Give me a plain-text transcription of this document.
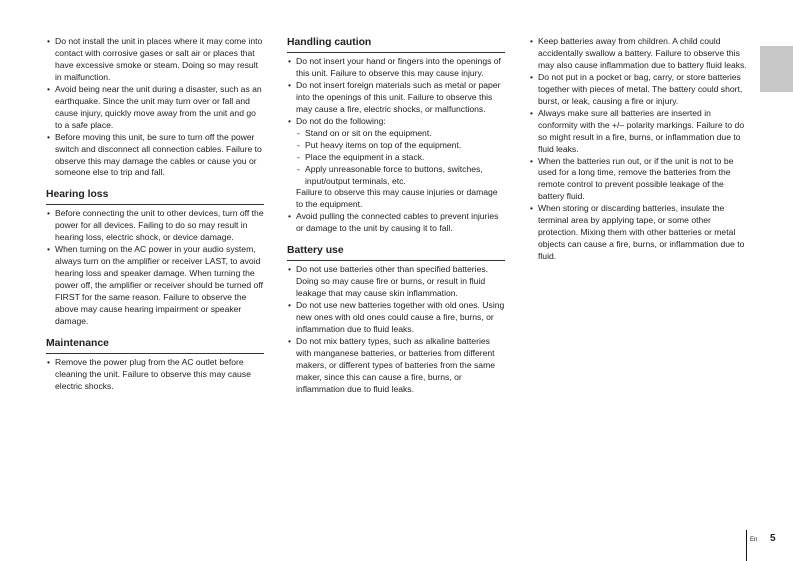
• Do not install the unit in places where it may come into contact with corrosive gases or salt air or places that have excessive smoke or steam. Doing so may result in malfunction.
• Avoid being near the unit during a disaster, such as an earthquake. Since the unit may turn over or fall and cause injury, quickly move away from the unit and go to a safe place.
• Before moving this unit, be sure to turn off the power switch and disconnect all connection cables. Failure to observe this may damage the cables or cause you or someone else to trip and fall.
Hearing loss
• Before connecting the unit to other devices, turn off the power for all devices. Failing to do so may result in hearing loss, electric shock, or device damage.
• When turning on the AC power in your audio system, always turn on the amplifier or receiver LAST, to avoid hearing loss and speaker damage. When turning the power off, the amplifier or receiver should be turned off FIRST for the same reason. Failure to observe the above may cause hearing impairment or speaker damage.
Maintenance
• Remove the power plug from the AC outlet before cleaning the unit. Failure to observe this may cause electric shocks.
Handling caution
• Do not insert your hand or fingers into the openings of this unit. Failure to observe this may cause injury.
• Do not insert foreign materials such as metal or paper into the openings of this unit. Failure to observe this may cause a fire, electric shocks, or malfunctions.
• Do not do the following:
- Stand on or sit on the equipment.
- Put heavy items on top of the equipment.
- Place the equipment in a stack.
- Apply unreasonable force to buttons, switches, input/output terminals, etc.
Failure to observe this may cause injuries or damage to the equipment.
• Avoid pulling the connected cables to prevent injuries or damage to the unit by causing it to fall.
Battery use
• Do not use batteries other than specified batteries.
Doing so may cause fire or burns, or result in fluid leakage that may cause skin inflammation.
• Do not use new batteries together with old ones. Using new ones with old ones could cause a fire, burns, or inflammation due to fluid leaks.
• Do not mix battery types, such as alkaline batteries with manganese batteries, or batteries from different makers, or different types of batteries from the same maker, since this can cause a fire, burns, or inflammation due to fluid leaks.
• Keep batteries away from children. A child could accidentally swallow a battery. Failure to observe this may also cause inflammation due to battery fluid leaks.
• Do not put in a pocket or bag, carry, or store batteries together with pieces of metal. The battery could short, burst, or leak, causing a fire or injury.
• Always make sure all batteries are inserted in conformity with the +/– polarity markings. Failure to do so might result in a fire, burns, or inflammation due to fluid leaks.
• When the batteries run out, or if the unit is not to be used for a long time, remove the batteries from the remote control to prevent possible leakage of the battery fluid.
• When storing or discarding batteries, insulate the terminal area by applying tape, or some other protection. Mixing them with other batteries or metal objects can cause a fire, burns, or inflammation due to fluid.
En 5
